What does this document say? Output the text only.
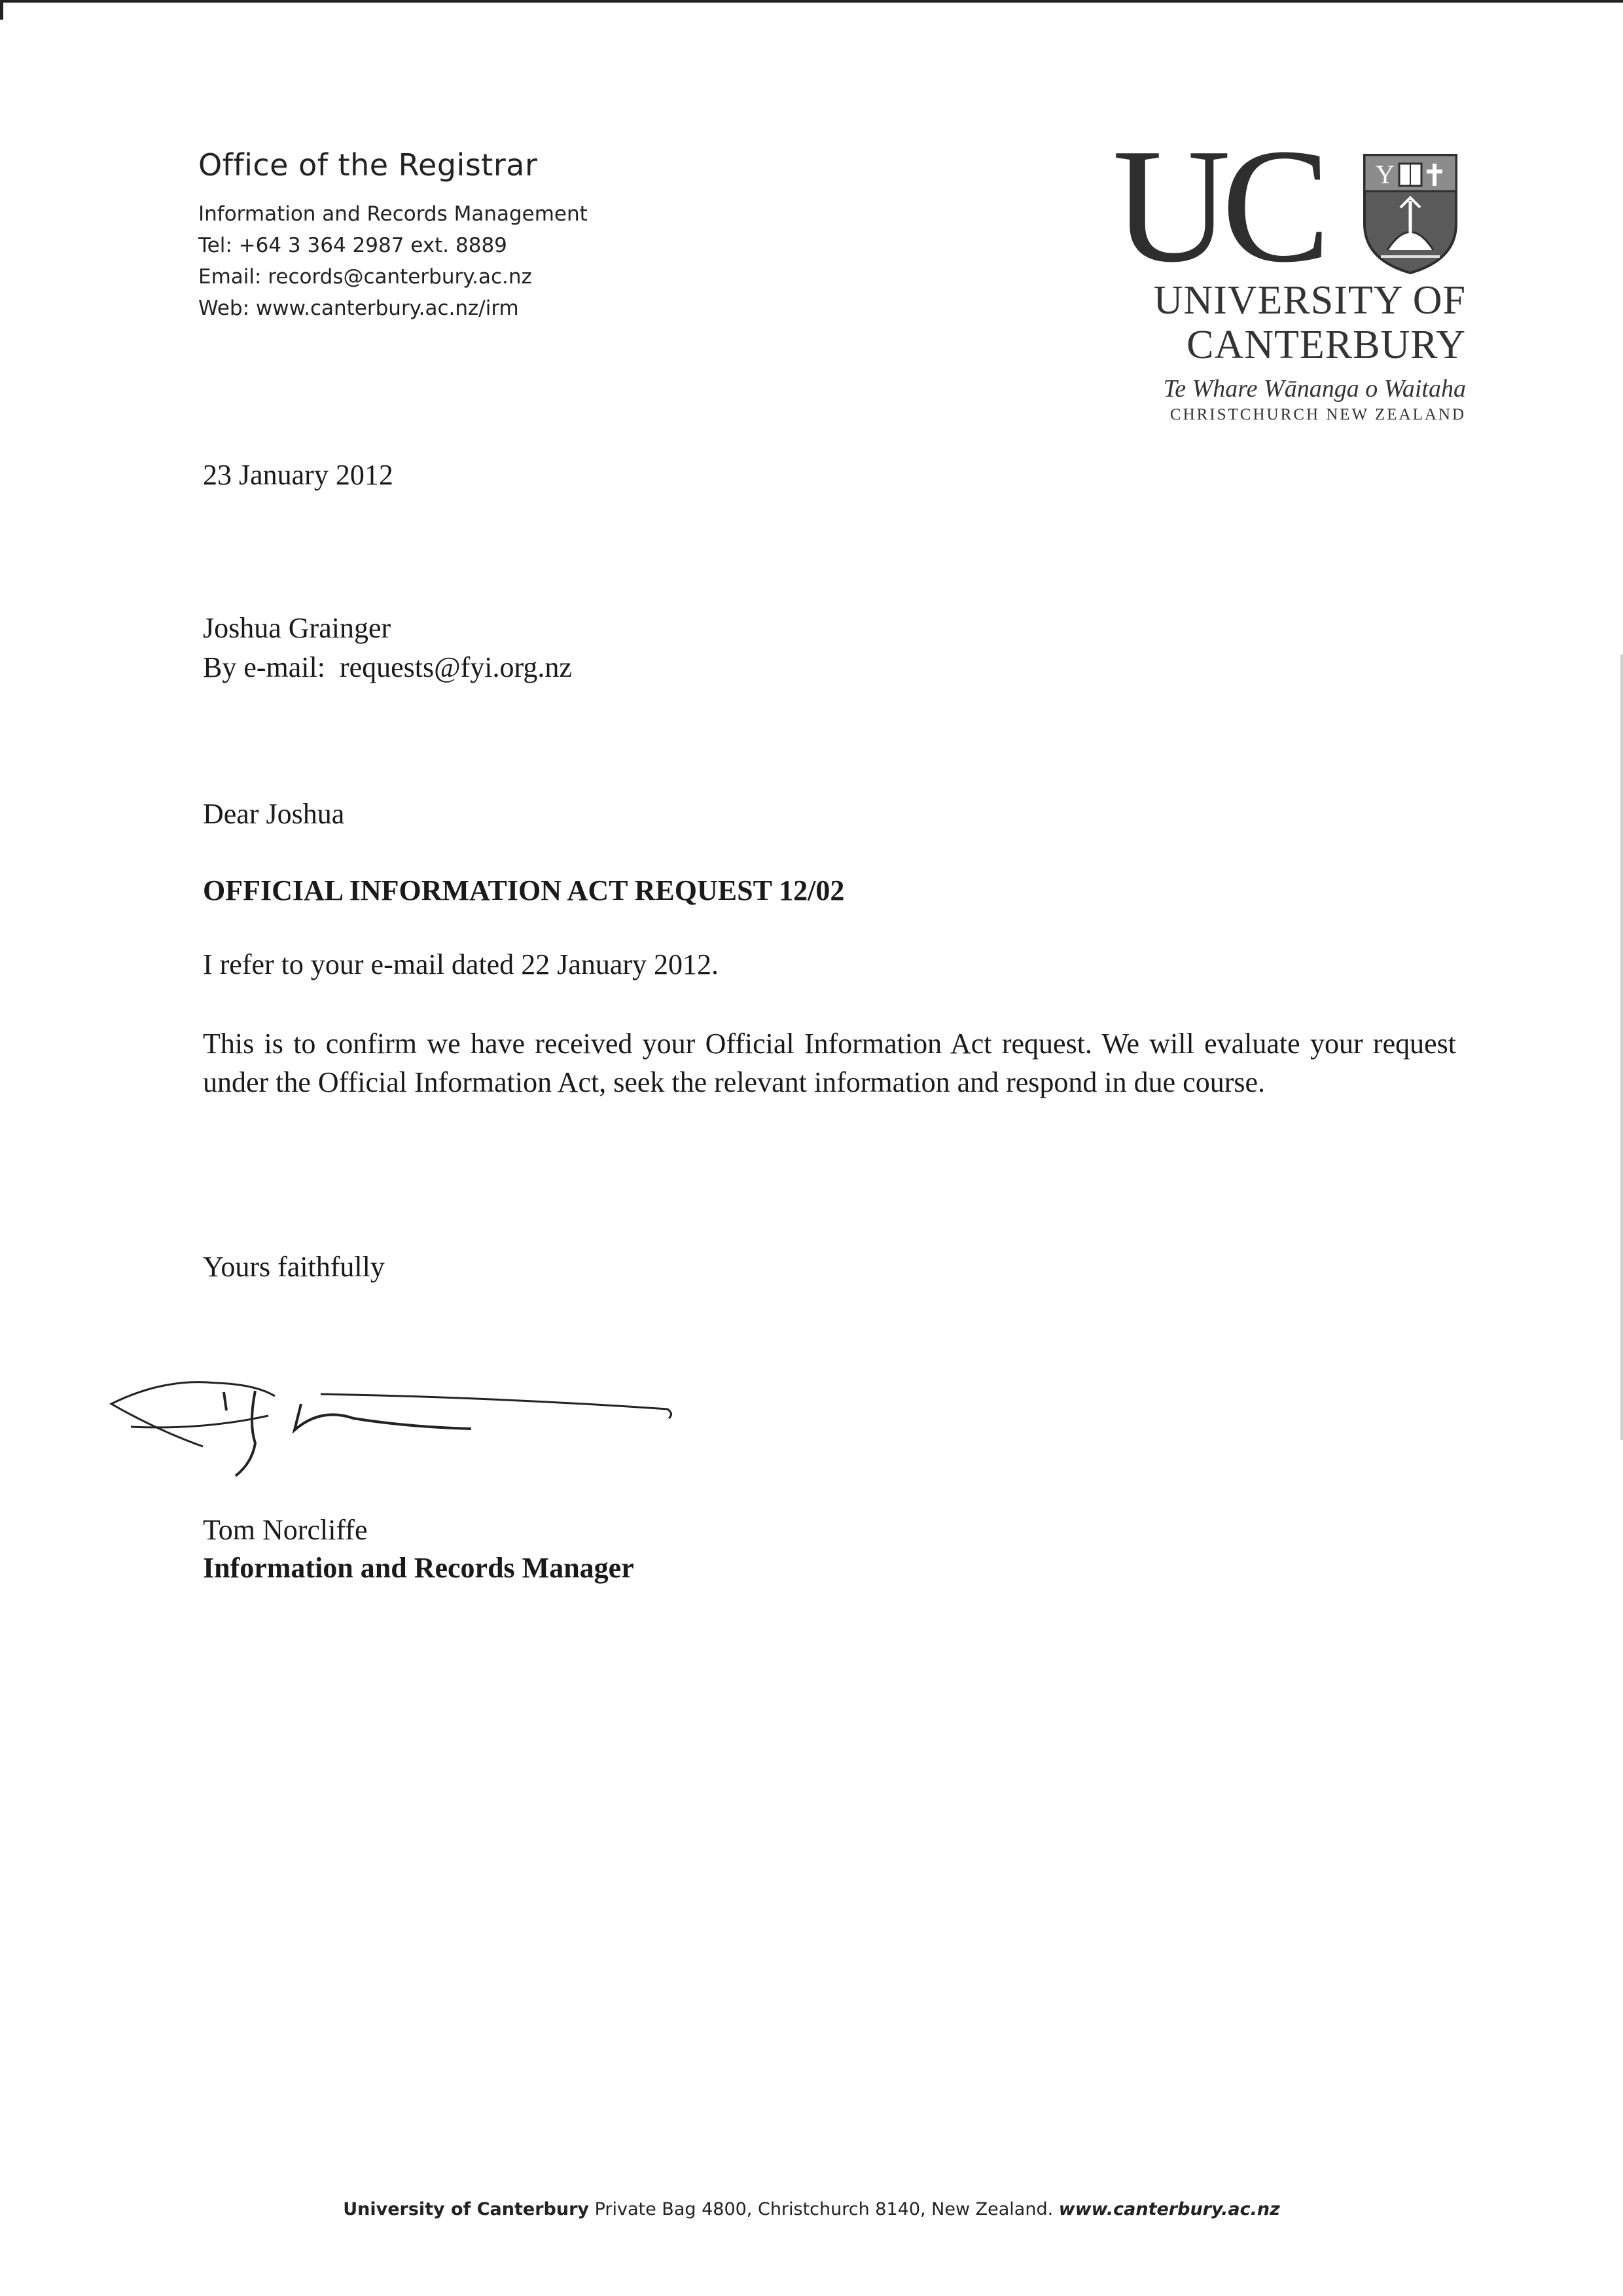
Office of the Registrar
Information and Records Management
Tel: +64 3 364 2987 ext. 8889
Email: records@canterbury.ac.nz
Web: www.canterbury.ac.nz/irm
UC Y
UNIVERSITY OF
CANTERBURY
Te Whare Wānanga o Waitaha
CHRISTCHURCH NEW ZEALAND
23 January 2012
Joshua Grainger
By e-mail:  requests@fyi.org.nz
Dear Joshua
OFFICIAL INFORMATION ACT REQUEST 12/02
I refer to your e-mail dated 22 January 2012.
This is to confirm we have received your Official Information Act request. We will evaluate your request under the Official Information Act, seek the relevant information and respond in due course.
Yours faithfully
Tom Norcliffe
Information and Records Manager
University of Canterbury Private Bag 4800, Christchurch 8140, New Zealand. www.canterbury.ac.nz
